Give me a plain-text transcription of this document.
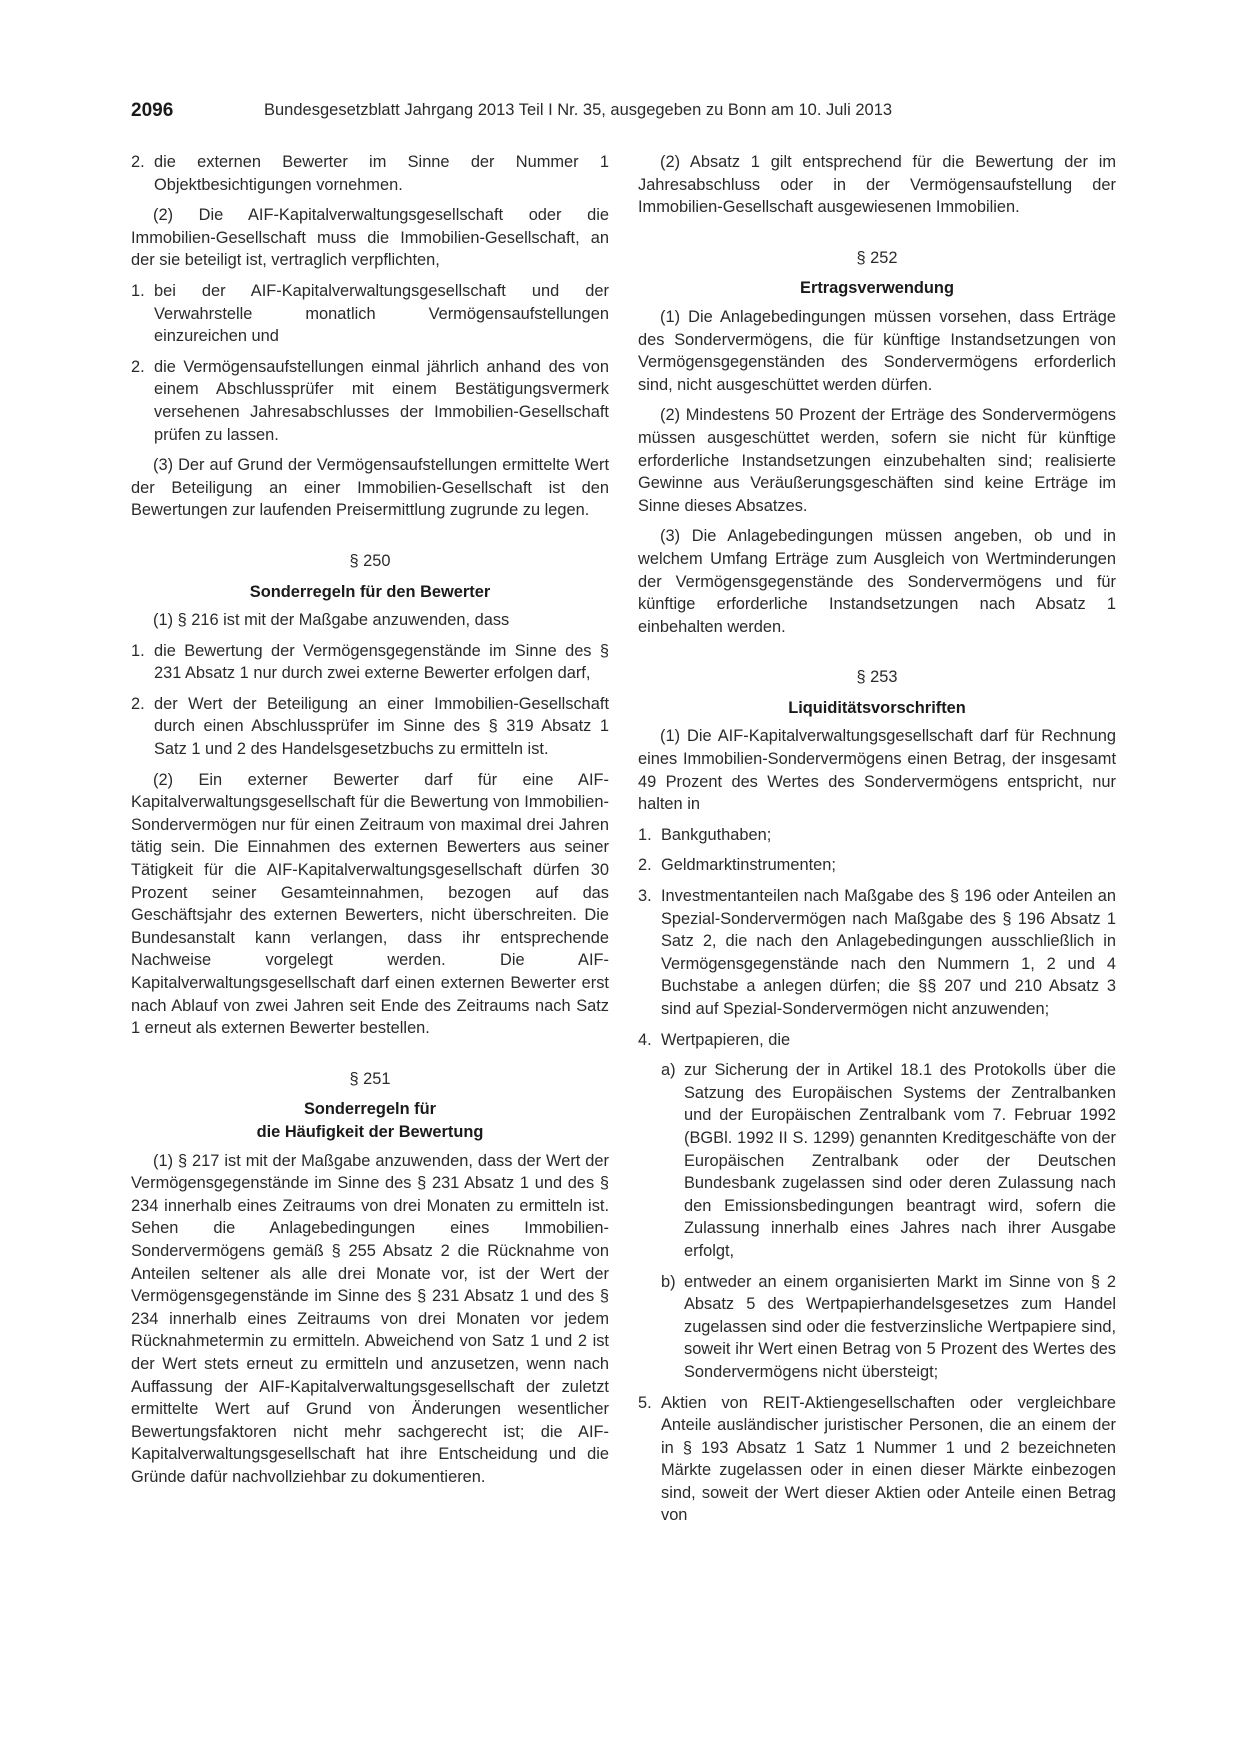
2096	Bundesgesetzblatt Jahrgang 2013 Teil I Nr. 35, ausgegeben zu Bonn am 10. Juli 2013
2. die externen Bewerter im Sinne der Nummer 1 Objektbesichtigungen vornehmen.

(2) Die AIF-Kapitalverwaltungsgesellschaft oder die Immobilien-Gesellschaft muss die Immobilien-Gesellschaft, an der sie beteiligt ist, vertraglich verpflichten,

1. bei der AIF-Kapitalverwaltungsgesellschaft und der Verwahrstelle monatlich Vermögensaufstellungen einzureichen und
2. die Vermögensaufstellungen einmal jährlich anhand des von einem Abschlussprüfer mit einem Bestätigungsvermerk versehenen Jahresabschlusses der Immobilien-Gesellschaft prüfen zu lassen.

(3) Der auf Grund der Vermögensaufstellungen ermittelte Wert der Beteiligung an einer Immobilien-Gesellschaft ist den Bewertungen zur laufenden Preisermittlung zugrunde zu legen.

§ 250
Sonderregeln für den Bewerter

(1) § 216 ist mit der Maßgabe anzuwenden, dass

1. die Bewertung der Vermögensgegenstände im Sinne des § 231 Absatz 1 nur durch zwei externe Bewerter erfolgen darf,
2. der Wert der Beteiligung an einer Immobilien-Gesellschaft durch einen Abschlussprüfer im Sinne des § 319 Absatz 1 Satz 1 und 2 des Handelsgesetzbuchs zu ermitteln ist.

(2) Ein externer Bewerter darf für eine AIF-Kapitalverwaltungsgesellschaft für die Bewertung von Immobilien-Sondervermögen nur für einen Zeitraum von maximal drei Jahren tätig sein. Die Einnahmen des externen Bewerters aus seiner Tätigkeit für die AIF-Kapitalverwaltungsgesellschaft dürfen 30 Prozent seiner Gesamteinnahmen, bezogen auf das Geschäftsjahr des externen Bewerters, nicht überschreiten. Die Bundesanstalt kann verlangen, dass ihr entsprechende Nachweise vorgelegt werden. Die AIF-Kapitalverwaltungsgesellschaft darf einen externen Bewerter erst nach Ablauf von zwei Jahren seit Ende des Zeitraums nach Satz 1 erneut als externen Bewerter bestellen.

§ 251
Sonderregeln für
die Häufigkeit der Bewertung

(1) § 217 ist mit der Maßgabe anzuwenden, dass der Wert der Vermögensgegenstände im Sinne des § 231 Absatz 1 und des § 234 innerhalb eines Zeitraums von drei Monaten zu ermitteln ist. Sehen die Anlagebedingungen eines Immobilien-Sondervermögens gemäß § 255 Absatz 2 die Rücknahme von Anteilen seltener als alle drei Monate vor, ist der Wert der Vermögensgegenstände im Sinne des § 231 Absatz 1 und des § 234 innerhalb eines Zeitraums von drei Monaten vor jedem Rücknahmetermin zu ermitteln. Abweichend von Satz 1 und 2 ist der Wert stets erneut zu ermitteln und anzusetzen, wenn nach Auffassung der AIF-Kapitalverwaltungsgesellschaft der zuletzt ermittelte Wert auf Grund von Änderungen wesentlicher Bewertungsfaktoren nicht mehr sachgerecht ist; die AIF-Kapitalverwaltungsgesellschaft hat ihre Entscheidung und die Gründe dafür nachvollziehbar zu dokumentieren.

(2) Absatz 1 gilt entsprechend für die Bewertung der im Jahresabschluss oder in der Vermögensaufstellung der Immobilien-Gesellschaft ausgewiesenen Immobilien.

§ 252
Ertragsverwendung

(1) Die Anlagebedingungen müssen vorsehen, dass Erträge des Sondervermögens, die für künftige Instandsetzungen von Vermögensgegenständen des Sondervermögens erforderlich sind, nicht ausgeschüttet werden dürfen.

(2) Mindestens 50 Prozent der Erträge des Sondervermögens müssen ausgeschüttet werden, sofern sie nicht für künftige erforderliche Instandsetzungen einzubehalten sind; realisierte Gewinne aus Veräußerungsgeschäften sind keine Erträge im Sinne dieses Absatzes.

(3) Die Anlagebedingungen müssen angeben, ob und in welchem Umfang Erträge zum Ausgleich von Wertminderungen der Vermögensgegenstände des Sondervermögens und für künftige erforderliche Instandsetzungen nach Absatz 1 einbehalten werden.

§ 253
Liquiditätsvorschriften

(1) Die AIF-Kapitalverwaltungsgesellschaft darf für Rechnung eines Immobilien-Sondervermögens einen Betrag, der insgesamt 49 Prozent des Wertes des Sondervermögens entspricht, nur halten in

1. Bankguthaben;
2. Geldmarktinstrumenten;
3. Investmentanteilen nach Maßgabe des § 196 oder Anteilen an Spezial-Sondervermögen nach Maßgabe des § 196 Absatz 1 Satz 2, die nach den Anlagebedingungen ausschließlich in Vermögensgegenstände nach den Nummern 1, 2 und 4 Buchstabe a anlegen dürfen; die §§ 207 und 210 Absatz 3 sind auf Spezial-Sondervermögen nicht anzuwenden;
4. Wertpapieren, die
a) zur Sicherung der in Artikel 18.1 des Protokolls über die Satzung des Europäischen Systems der Zentralbanken und der Europäischen Zentralbank vom 7. Februar 1992 (BGBl. 1992 II S. 1299) genannten Kreditgeschäfte von der Europäischen Zentralbank oder der Deutschen Bundesbank zugelassen sind oder deren Zulassung nach den Emissionsbedingungen beantragt wird, sofern die Zulassung innerhalb eines Jahres nach ihrer Ausgabe erfolgt,
b) entweder an einem organisierten Markt im Sinne von § 2 Absatz 5 des Wertpapierhandelsgesetzes zum Handel zugelassen sind oder die festverzinsliche Wertpapiere sind, soweit ihr Wert einen Betrag von 5 Prozent des Wertes des Sondervermögens nicht übersteigt;
5. Aktien von REIT-Aktiengesellschaften oder vergleichbare Anteile ausländischer juristischer Personen, die an einem der in § 193 Absatz 1 Satz 1 Nummer 1 und 2 bezeichneten Märkte zugelassen oder in einen dieser Märkte einbezogen sind, soweit der Wert dieser Aktien oder Anteile einen Betrag von
